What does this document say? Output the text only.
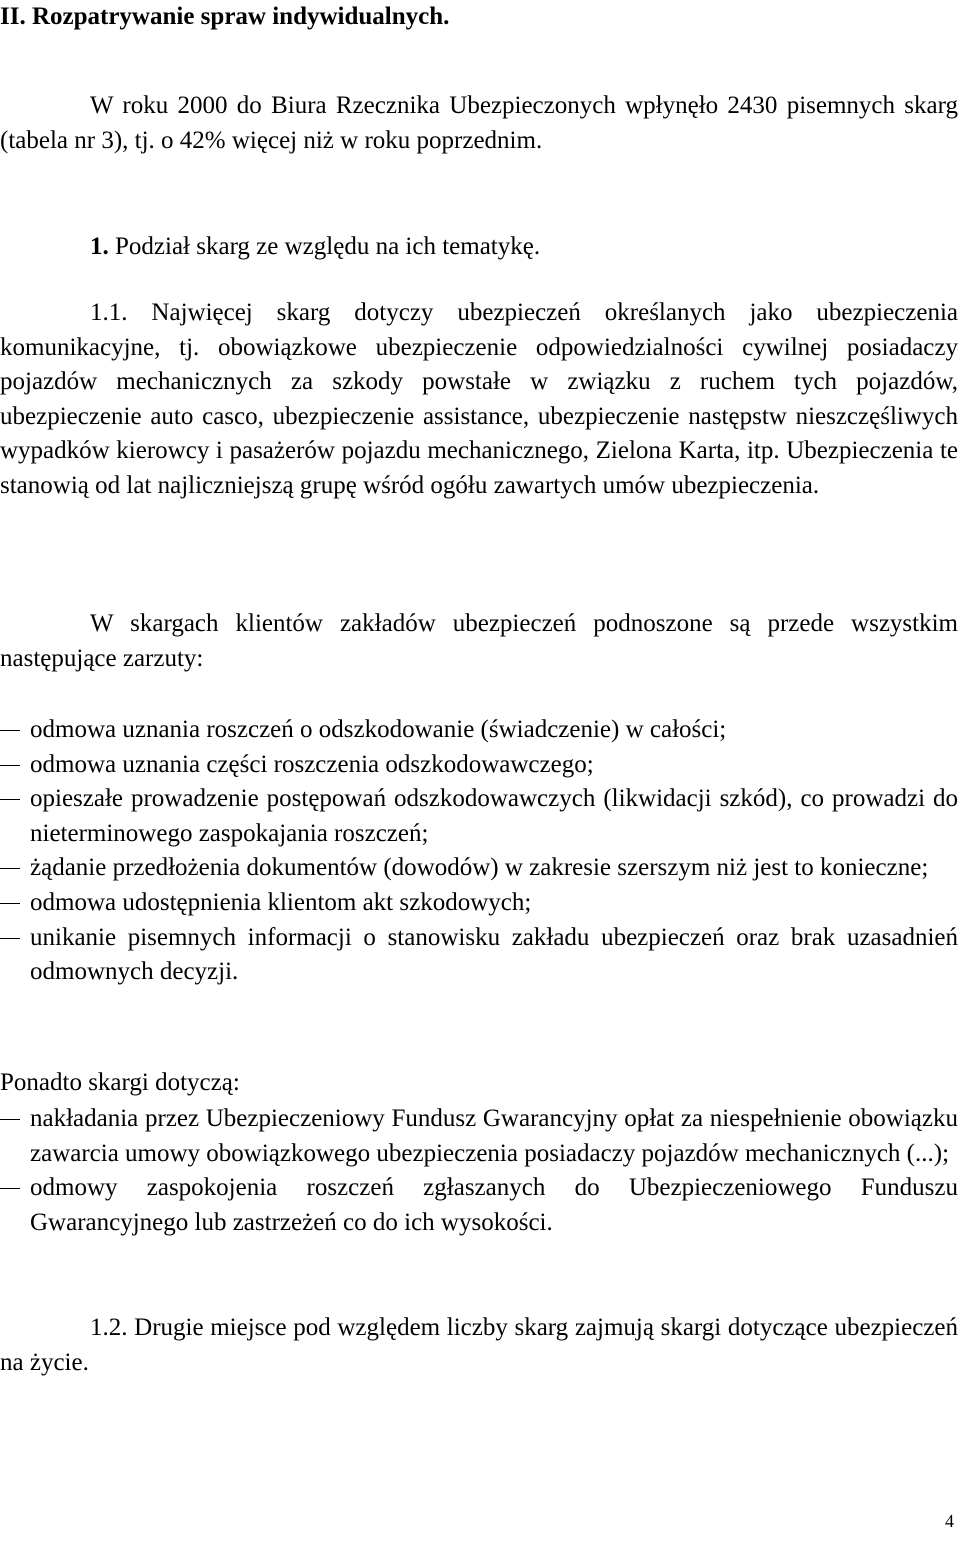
II. Rozpatrywanie spraw indywidualnych.

W roku 2000 do Biura Rzecznika Ubezpieczonych wpłynęło 2430 pisemnych skarg (tabela nr 3), tj. o 42% więcej niż w roku poprzednim.

1. Podział skarg ze względu na ich tematykę.

1.1. Najwięcej skarg dotyczy ubezpieczeń określanych jako ubezpieczenia komunikacyjne, tj. obowiązkowe ubezpieczenie odpowiedzialności cywilnej posiadaczy pojazdów mechanicznych za szkody powstałe w związku z ruchem tych pojazdów, ubezpieczenie auto casco, ubezpieczenie assistance, ubezpieczenie następstw nieszczęśliwych wypadków kierowcy i pasażerów pojazdu mechanicznego, Zielona Karta, itp. Ubezpieczenia te stanowią od lat najliczniejszą grupę wśród ogółu zawartych umów ubezpieczenia.

W skargach klientów zakładów ubezpieczeń podnoszone są przede wszystkim następujące zarzuty:

odmowa uznania roszczeń o odszkodowanie (świadczenie) w całości;
odmowa uznania części roszczenia odszkodowawczego;
opieszałe prowadzenie postępowań odszkodowawczych (likwidacji szkód), co prowadzi do nieterminowego zaspokajania roszczeń;
żądanie przedłożenia dokumentów (dowodów) w zakresie szerszym niż jest to konieczne;
odmowa udostępnienia klientom akt szkodowych;
unikanie pisemnych informacji o stanowisku zakładu ubezpieczeń oraz brak uzasadnień odmownych decyzji.

Ponadto skargi dotyczą:

nakładania przez Ubezpieczeniowy Fundusz Gwarancyjny opłat za niespełnienie obowiązku zawarcia umowy obowiązkowego ubezpieczenia posiadaczy pojazdów mechanicznych (...);
odmowy zaspokojenia roszczeń zgłaszanych do Ubezpieczeniowego Funduszu Gwarancyjnego lub zastrzeżeń co do ich wysokości.

1.2. Drugie miejsce pod względem liczby skarg zajmują skargi dotyczące ubezpieczeń na życie.

4
